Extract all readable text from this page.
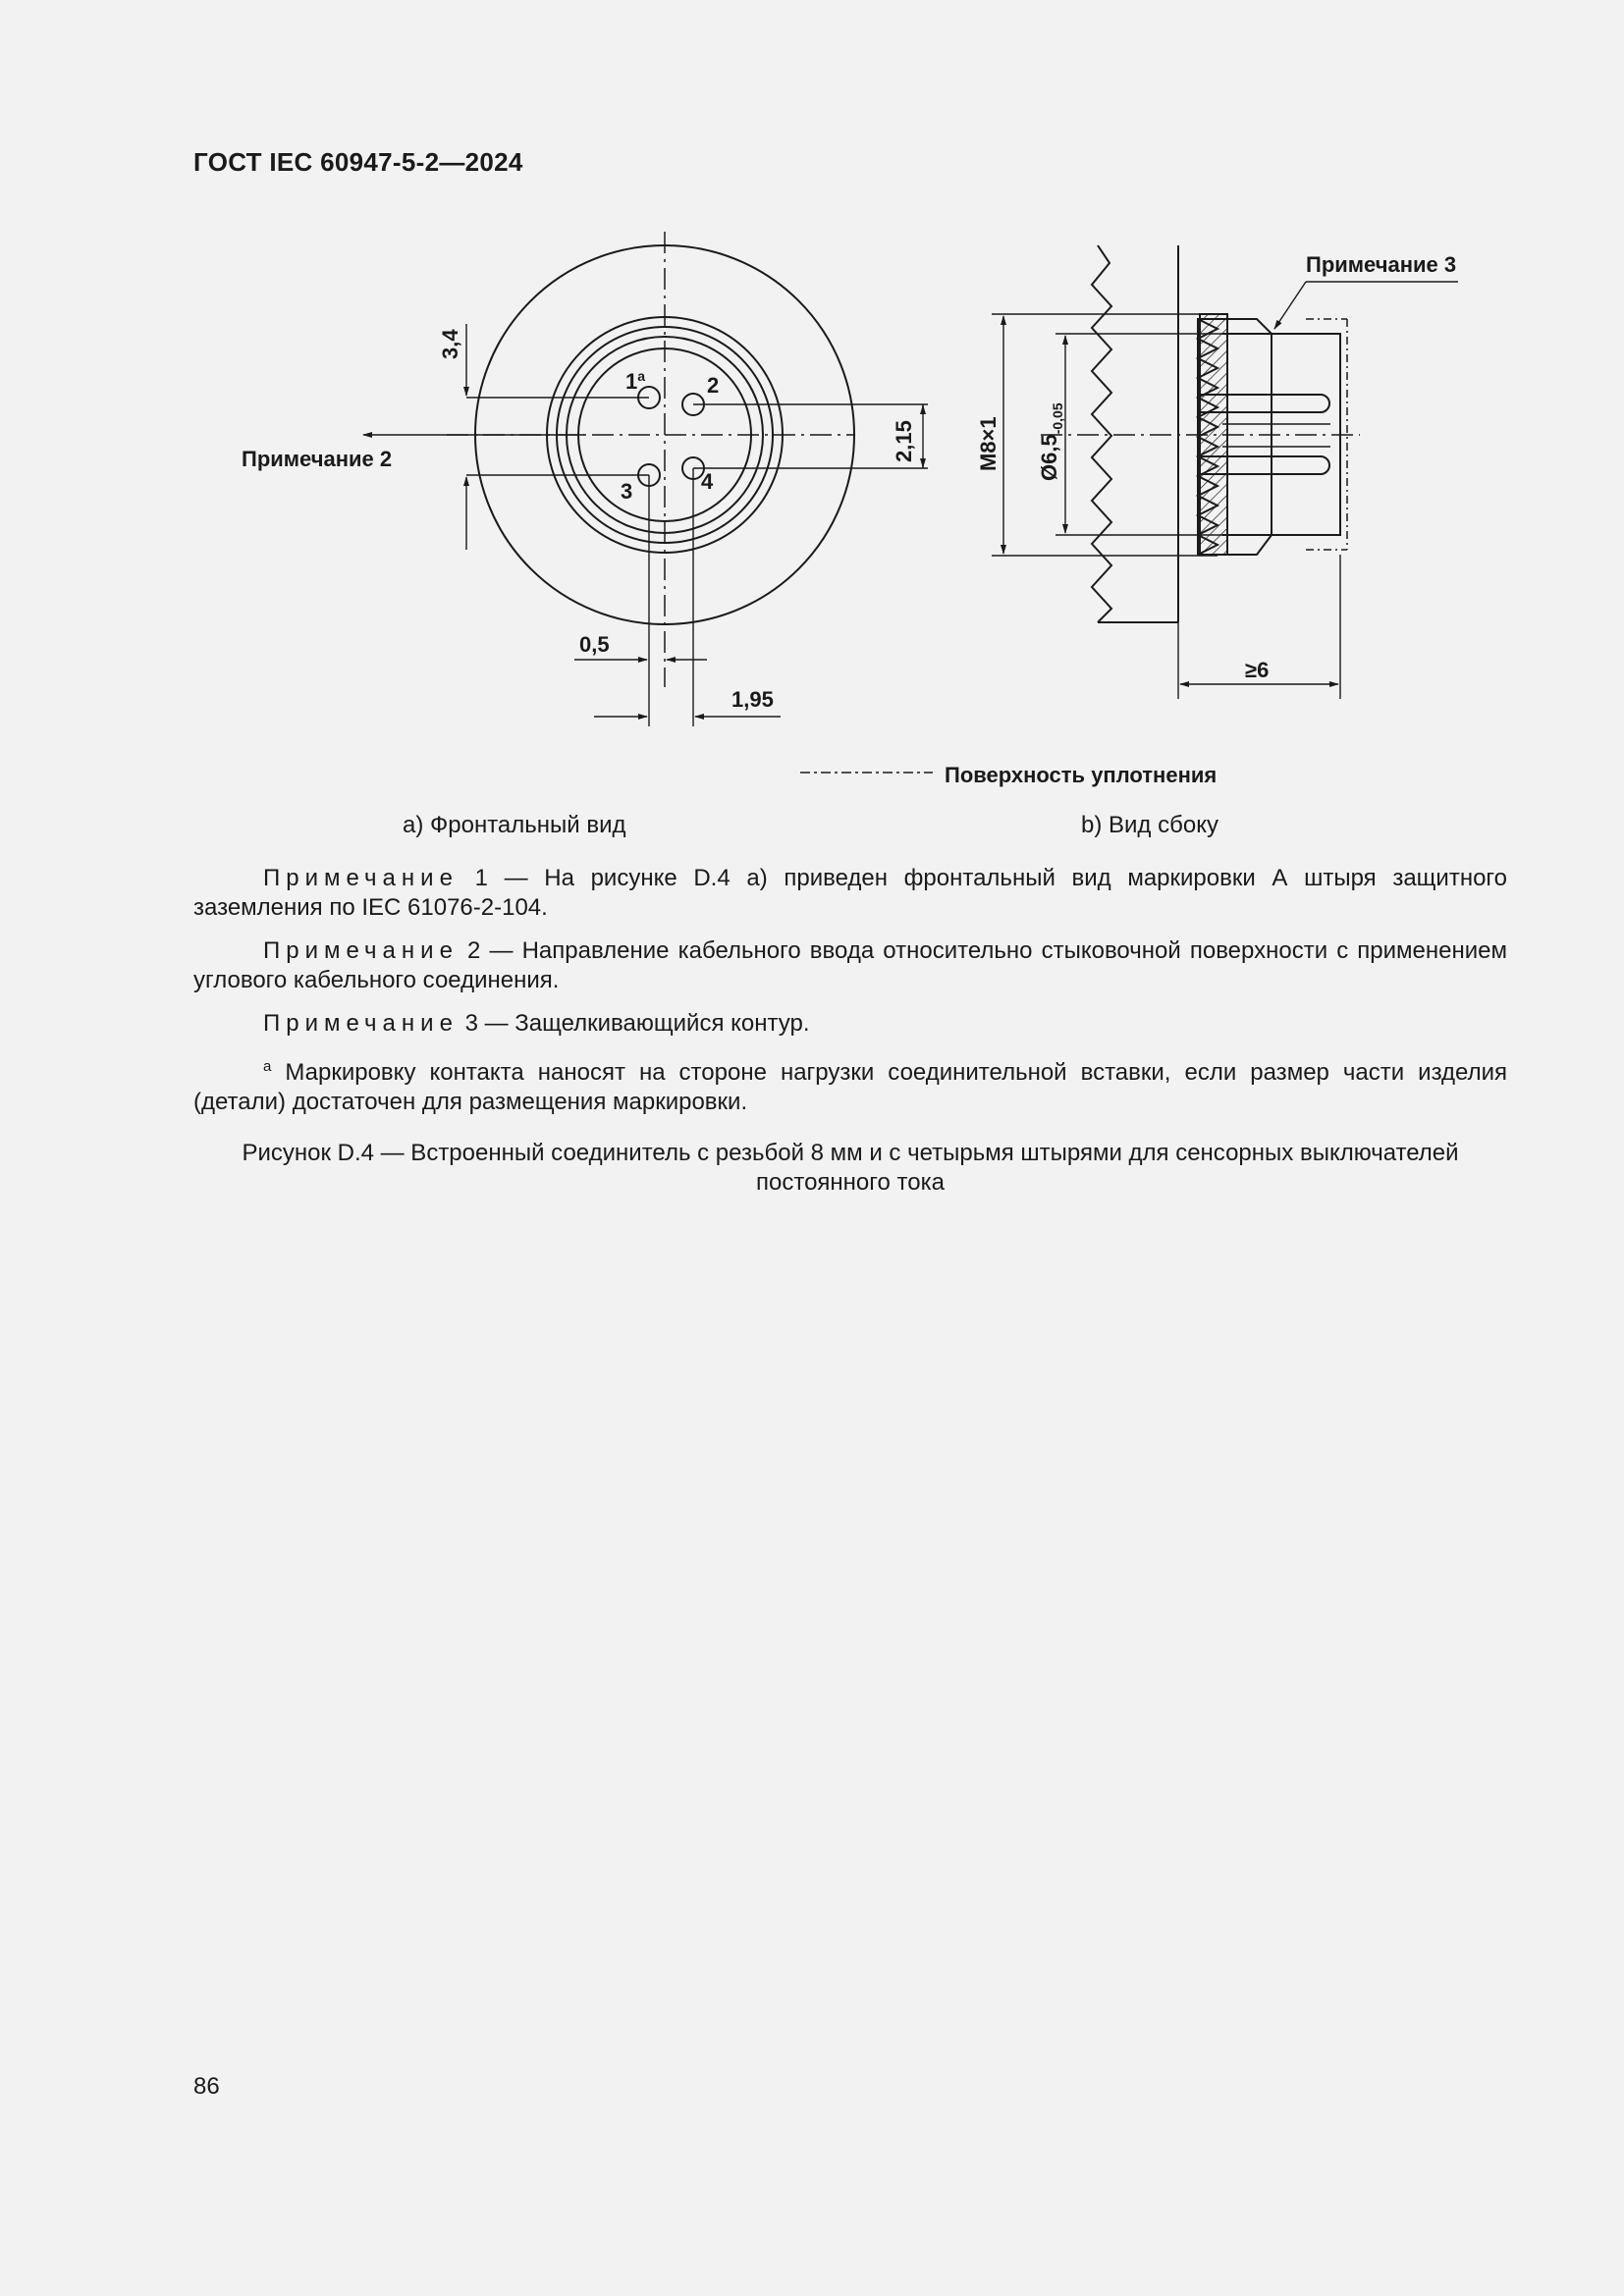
ГОСТ IEC 60947-5-2—2024
1$^a$	2
3	4
3,4
2,15
0,5
1,95
Примечание 2
Примечание 3
M8×1 $Ø6,5_{-0,05}$
≥6
Поверхность уплотнения
а) Фронтальный вид	b) Вид сбоку

Примечание 1 — На рисунке D.4 а) приведен фронтальный вид маркировки А штыря защитного заземления по IEC 61076-2-104.

Примечание 2 — Направление кабельного ввода относительно стыковочной поверхности с применением углового кабельного соединения.

Примечание 3 — Защелкивающийся контур.

$^a$ Маркировку контакта наносят на стороне нагрузки соединительной вставки, если размер части изделия (детали) достаточен для размещения маркировки.

Рисунок D.4 — Встроенный соединитель с резьбой 8 мм и с четырьмя штырями для сенсорных выключателей постоянного тока

86
